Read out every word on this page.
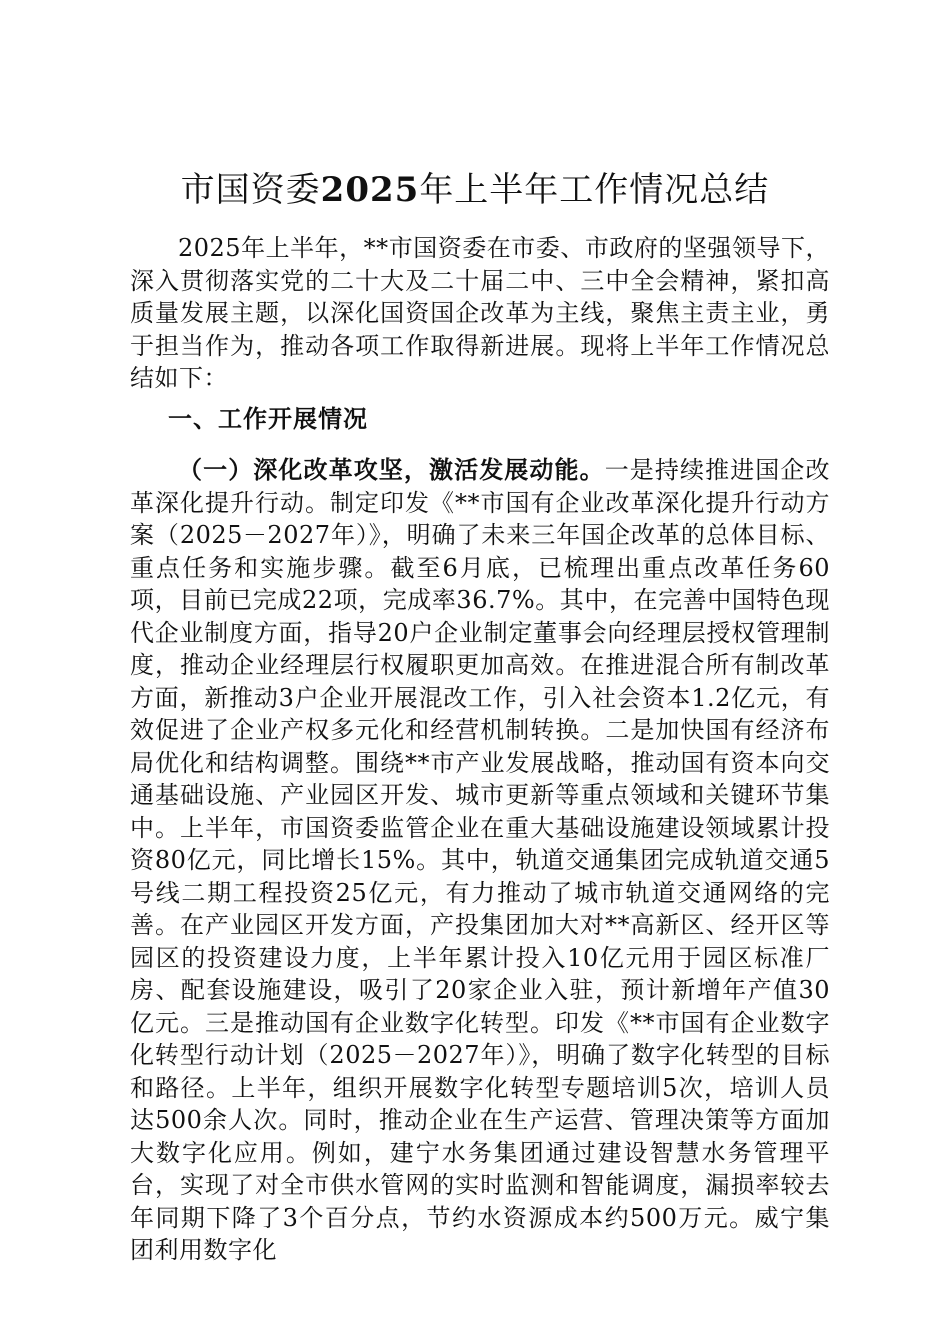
市国资委2025年上半年工作情况总结

2025年上半年，**市国资委在市委、市政府的坚强领导下，深入贯彻落实党的二十大及二十届二中、三中全会精神，紧扣高质量发展主题，以深化国资国企改革为主线，聚焦主责主业，勇于担当作为，推动各项工作取得新进展。现将上半年工作情况总结如下：

一、工作开展情况

（一）深化改革攻坚，激活发展动能。一是持续推进国企改革深化提升行动。制定印发《**市国有企业改革深化提升行动方案（2025－2027年）》，明确了未来三年国企改革的总体目标、重点任务和实施步骤。截至6月底，已梳理出重点改革任务60项，目前已完成22项，完成率36.7%。其中，在完善中国特色现代企业制度方面，指导20户企业制定董事会向经理层授权管理制度，推动企业经理层行权履职更加高效。在推进混合所有制改革方面，新推动3户企业开展混改工作，引入社会资本1.2亿元，有效促进了企业产权多元化和经营机制转换。二是加快国有经济布局优化和结构调整。围绕**市产业发展战略，推动国有资本向交通基础设施、产业园区开发、城市更新等重点领域和关键环节集中。上半年，市国资委监管企业在重大基础设施建设领域累计投资80亿元，同比增长15%。其中，轨道交通集团完成轨道交通5号线二期工程投资25亿元，有力推动了城市轨道交通网络的完善。在产业园区开发方面，产投集团加大对**高新区、经开区等园区的投资建设力度，上半年累计投入10亿元用于园区标准厂房、配套设施建设，吸引了20家企业入驻，预计新增年产值30亿元。三是推动国有企业数字化转型。印发《**市国有企业数字化转型行动计划（2025－2027年）》，明确了数字化转型的目标和路径。上半年，组织开展数字化转型专题培训5次，培训人员达500余人次。同时，推动企业在生产运营、管理决策等方面加大数字化应用。例如，建宁水务集团通过建设智慧水务管理平台，实现了对全市供水管网的实时监测和智能调度，漏损率较去年同期下降了3个百分点，节约水资源成本约500万元。威宁集团利用数字化
